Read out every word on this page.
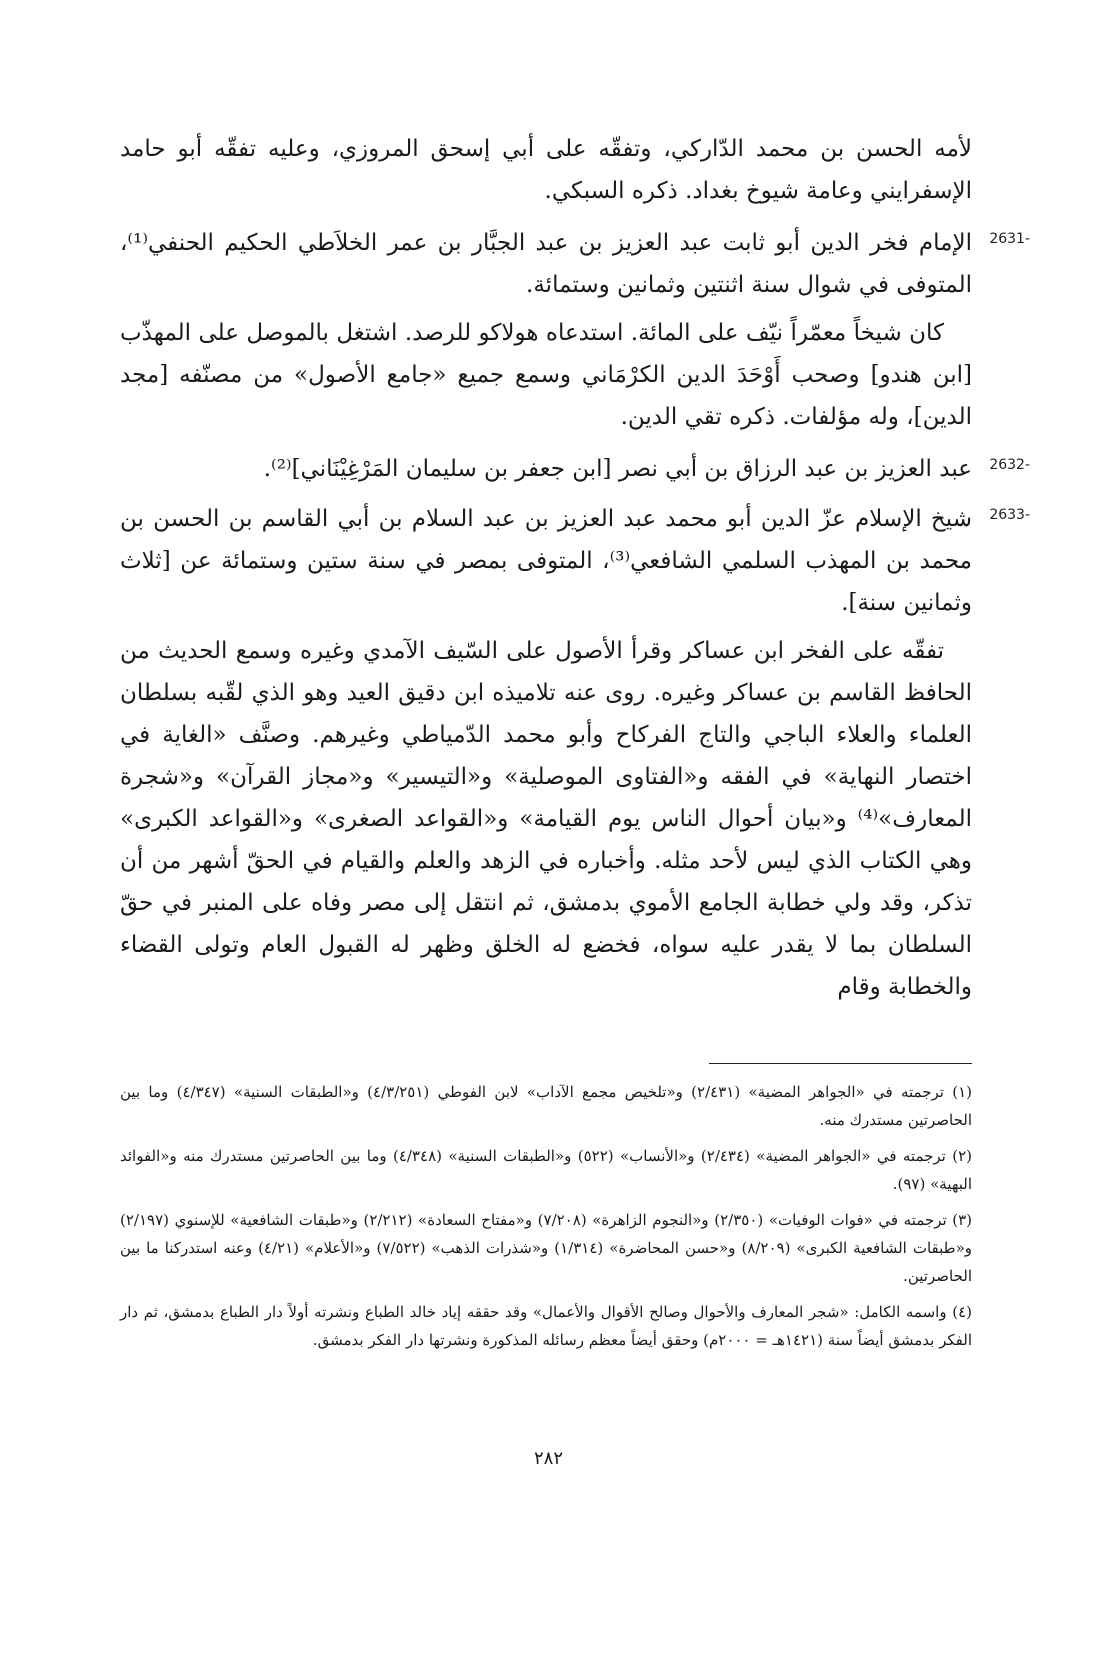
لأمه الحسن بن محمد الدّاركي، وتفقّه على أبي إسحق المروزي، وعليه تفقّه أبو حامد الإسفرايني وعامة شيوخ بغداد. ذكره السبكي.

2631-

الإمام فخر الدين أبو ثابت عبد العزيز بن عبد الجبَّار بن عمر الخلاَطي الحكيم الحنفي⁽¹⁾، المتوفى في شوال سنة اثنتين وثمانين وستمائة.

كان شيخاً معمّراً نيّف على المائة. استدعاه هولاكو للرصد. اشتغل بالموصل على المهذّب [ابن هندو] وصحب أَوْحَدَ الدين الكرْمَاني وسمع جميع «جامع الأصول» من مصنّفه [مجد الدين]، وله مؤلفات. ذكره تقي الدين.

2632-

عبد العزيز بن عبد الرزاق بن أبي نصر [ابن جعفر بن سليمان المَرْغِيْنَاني]⁽²⁾.

2633-

شيخ الإسلام عزّ الدين أبو محمد عبد العزيز بن عبد السلام بن أبي القاسم بن الحسن بن محمد بن المهذب السلمي الشافعي⁽³⁾، المتوفى بمصر في سنة ستين وستمائة عن [ثلاث وثمانين سنة].

تفقّه على الفخر ابن عساكر وقرأ الأصول على السّيف الآمدي وغيره وسمع الحديث من الحافظ القاسم بن عساكر وغيره. روى عنه تلاميذه ابن دقيق العيد وهو الذي لقّبه بسلطان العلماء والعلاء الباجي والتاج الفركاح وأبو محمد الدّمياطي وغيرهم. وصنَّف «الغاية في اختصار النهاية» في الفقه و«الفتاوى الموصلية» و«التيسير» و«مجاز القرآن» و«شجرة المعارف»⁽⁴⁾ و«بيان أحوال الناس يوم القيامة» و«القواعد الصغرى» و«القواعد الكبرى» وهي الكتاب الذي ليس لأحد مثله. وأخباره في الزهد والعلم والقيام في الحقّ أشهر من أن تذكر، وقد ولي خطابة الجامع الأموي بدمشق، ثم انتقل إلى مصر وفاه على المنبر في حقّ السلطان بما لا يقدر عليه سواه، فخضع له الخلق وظهر له القبول العام وتولى القضاء والخطابة وقام

(١) ترجمته في «الجواهر المضية» (٢/٤٣١) و«تلخيص مجمع الآداب» لابن الفوطي (٤/٣/٢٥١) و«الطبقات السنية» (٤/٣٤٧) وما بين الحاصرتين مستدرك منه.

(٢) ترجمته في «الجواهر المضية» (٢/٤٣٤) و«الأنساب» (٥٢٢) و«الطبقات السنية» (٤/٣٤٨) وما بين الحاصرتين مستدرك منه و«الفوائد البهية» (٩٧).

(٣) ترجمته في «فوات الوفيات» (٢/٣٥٠) و«النجوم الزاهرة» (٧/٢٠٨) و«مفتاح السعادة» (٢/٢١٢) و«طبقات الشافعية» للإسنوي (٢/١٩٧) و«طبقات الشافعية الكبرى» (٨/٢٠٩) و«حسن المحاضرة» (١/٣١٤) و«شذرات الذهب» (٧/٥٢٢) و«الأعلام» (٤/٢١) وعنه استدركنا ما بين الحاصرتين.

(٤) واسمه الكامل: «شجر المعارف والأحوال وصالح الأقوال والأعمال» وقد حققه إياد خالد الطباع ونشرته أولاً دار الطباع بدمشق، ثم دار الفكر بدمشق أيضاً سنة (١٤٢١هـ = ٢٠٠٠م) وحقق أيضاً معظم رسائله المذكورة ونشرتها دار الفكر بدمشق.

٢٨٢
